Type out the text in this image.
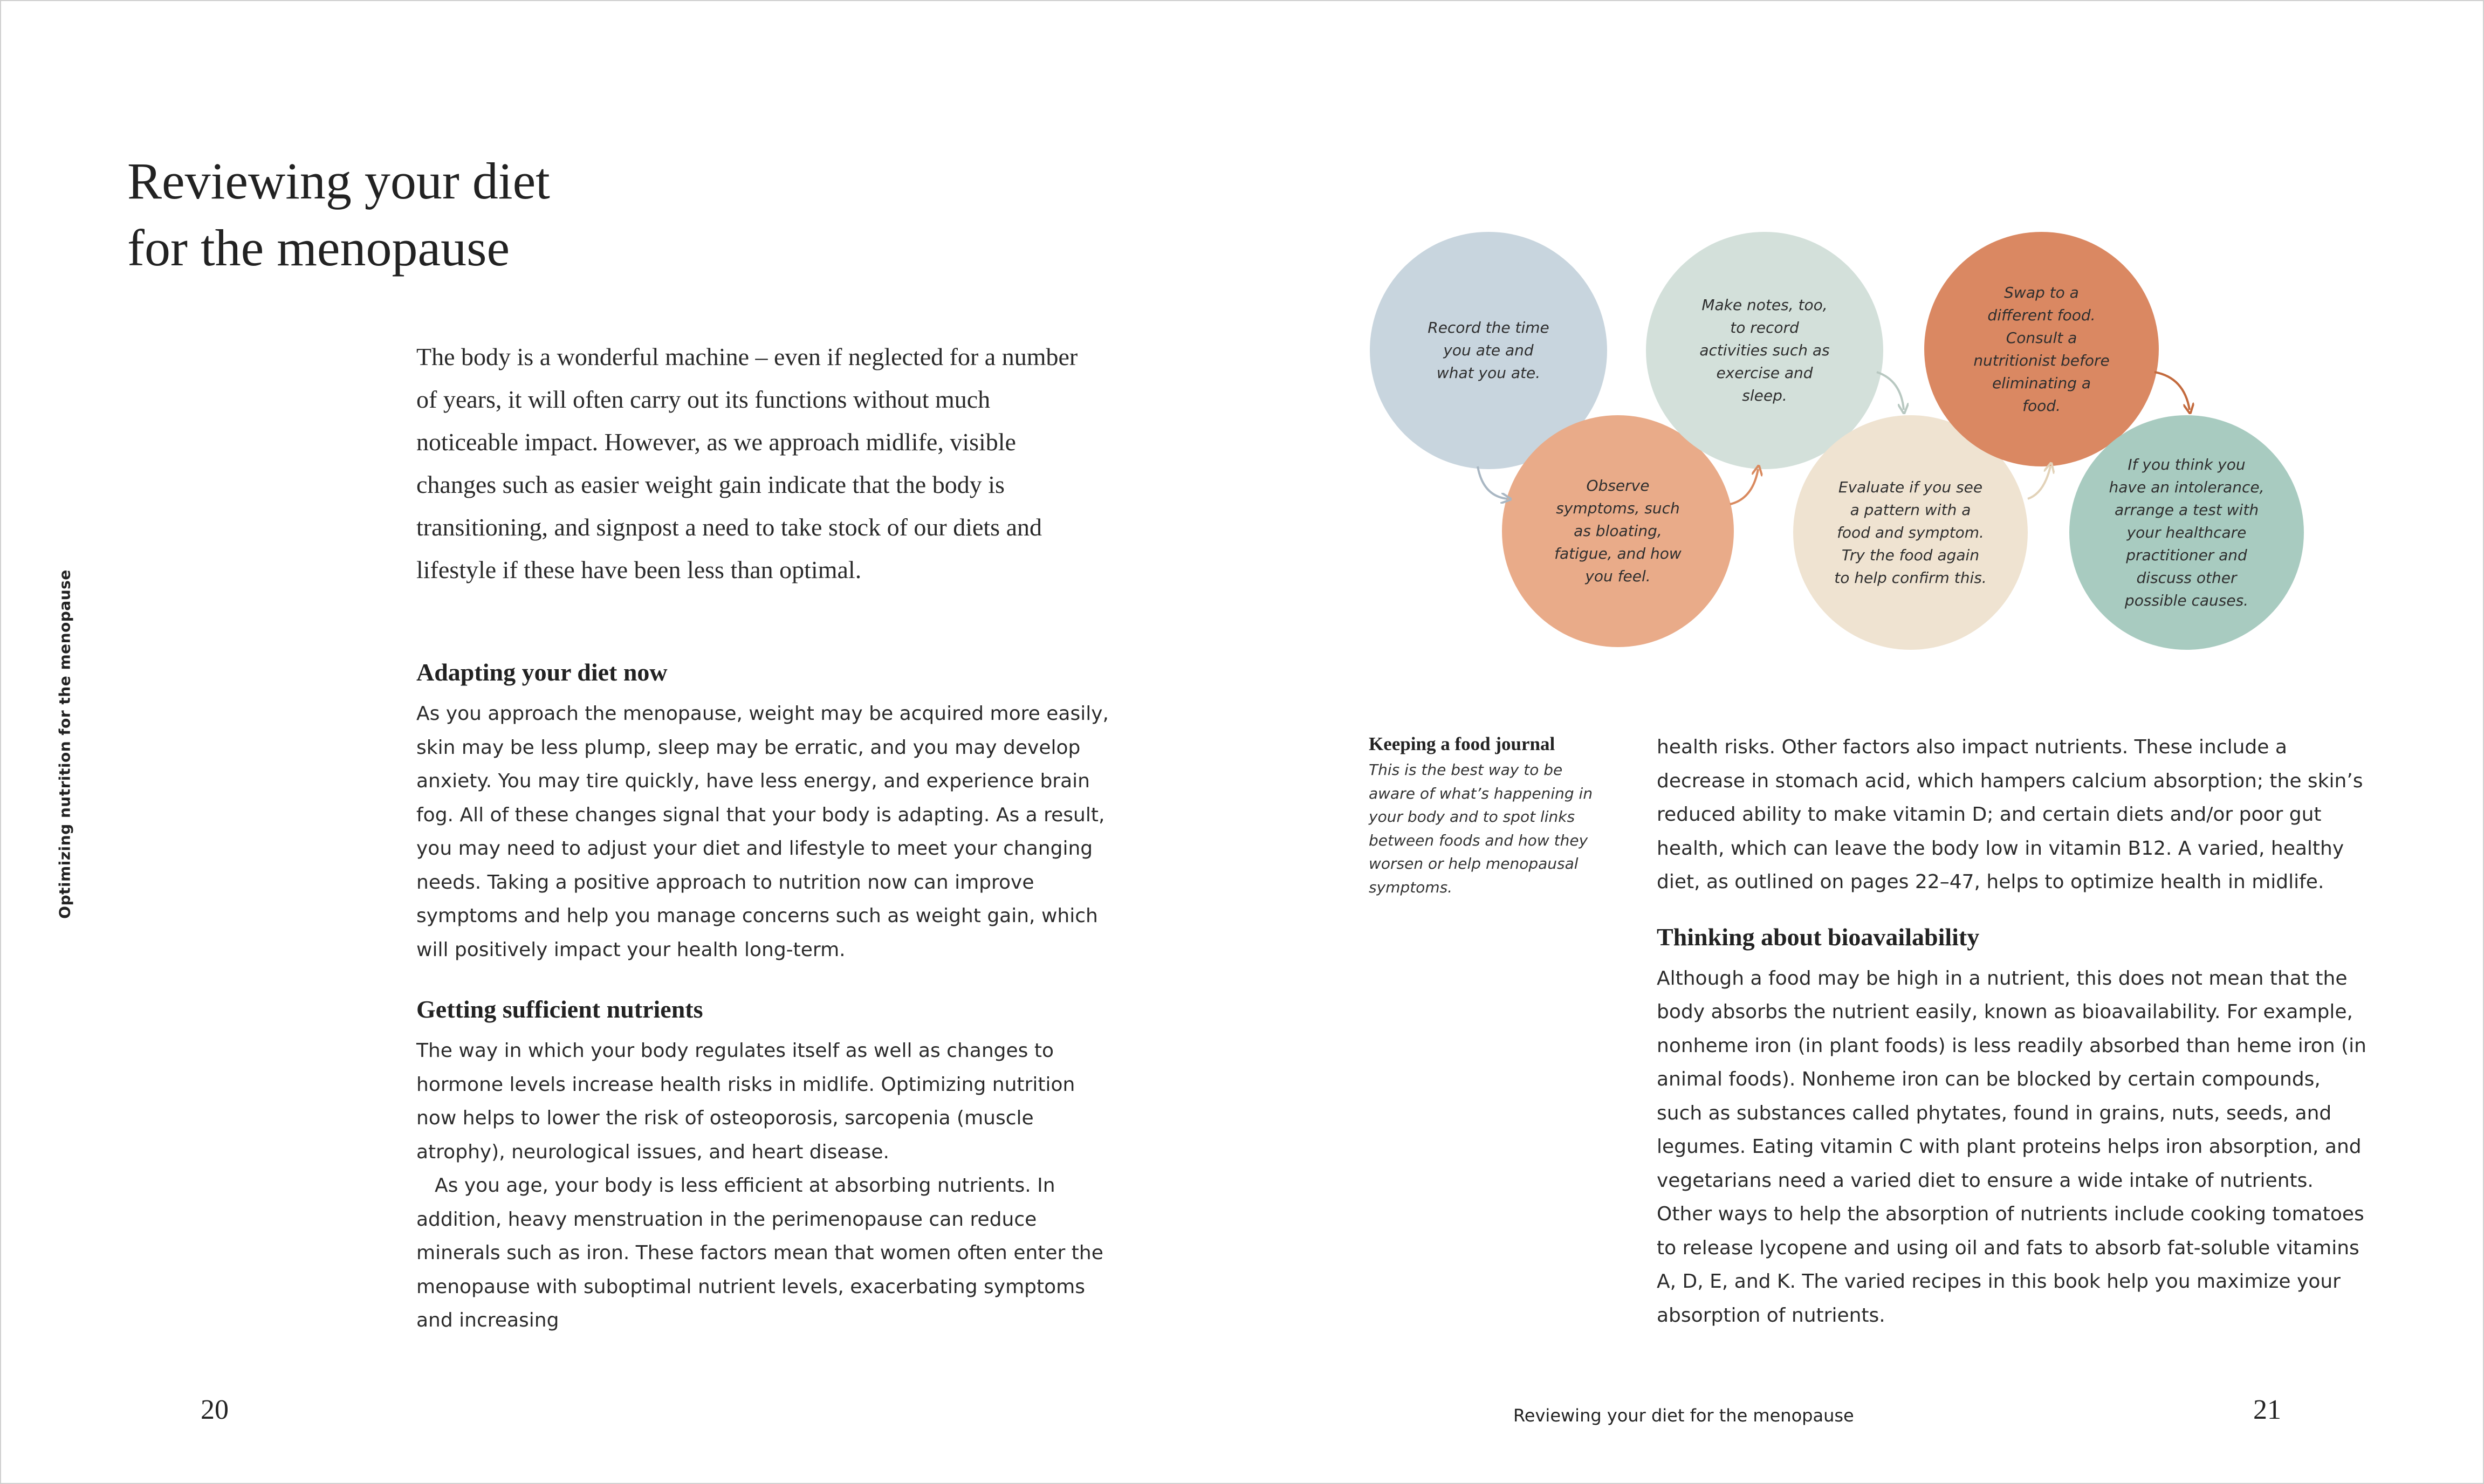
Reviewing your diet
for the menopause
Optimizing nutrition for the menopause

The body is a wonderful machine – even if neglected for a number of years, it will often carry out its functions without much noticeable impact. However, as we approach midlife, visible changes such as easier weight gain indicate that the body is transitioning, and signpost a need to take stock of our diets and lifestyle if these have been less than optimal.

Adapting your diet now

As you approach the menopause, weight may be acquired more easily, skin may be less plump, sleep may be erratic, and you may develop anxiety. You may tire quickly, have less energy, and experience brain fog. All of these changes signal that your body is adapting. As a result, you may need to adjust your diet and lifestyle to meet your changing needs. Taking a positive approach to nutrition now can improve symptoms and help you manage concerns such as weight gain, which will positively impact your health long-term.

Getting sufficient nutrients

The way in which your body regulates itself as well as changes to hormone levels increase health risks in midlife. Optimizing nutrition now helps to lower the risk of osteoporosis, sarcopenia (muscle atrophy), neurological issues, and heart disease.

As you age, your body is less efficient at absorbing nutrients. In addition, heavy menstruation in the perimenopause can reduce minerals such as iron. These factors mean that women often enter the menopause with suboptimal nutrient levels, exacerbating symptoms and increasing

Record the time you ate and what you ate.
Observe symptoms, such as bloating, fatigue, and how you feel.
Make notes, too, to record activities such as exercise and sleep.
Evaluate if you see a pattern with a food and symptom. Try the food again to help confirm this.
Swap to a different food. Consult a nutritionist before eliminating a food.
If you think you have an intolerance, arrange a test with your healthcare practitioner and discuss other possible causes.

Keeping a food journal

This is the best way to be aware of what’s happening in your body and to spot links between foods and how they worsen or help menopausal symptoms.

health risks. Other factors also impact nutrients. These include a decrease in stomach acid, which hampers calcium absorption; the skin’s reduced ability to make vitamin D; and certain diets and/or poor gut health, which can leave the body low in vitamin B12. A varied, healthy diet, as outlined on pages 22–47, helps to optimize health in midlife.

Thinking about bioavailability

Although a food may be high in a nutrient, this does not mean that the body absorbs the nutrient easily, known as bioavailability. For example, nonheme iron (in plant foods) is less readily absorbed than heme iron (in animal foods). Nonheme iron can be blocked by certain compounds, such as substances called phytates, found in grains, nuts, seeds, and legumes. Eating vitamin C with plant proteins helps iron absorption, and vegetarians need a varied diet to ensure a wide intake of nutrients. Other ways to help the absorption of nutrients include cooking tomatoes to release lycopene and using oil and fats to absorb fat-soluble vitamins A, D, E, and K. The varied recipes in this book help you maximize your absorption of nutrients.

20	Reviewing your diet for the menopause	21
